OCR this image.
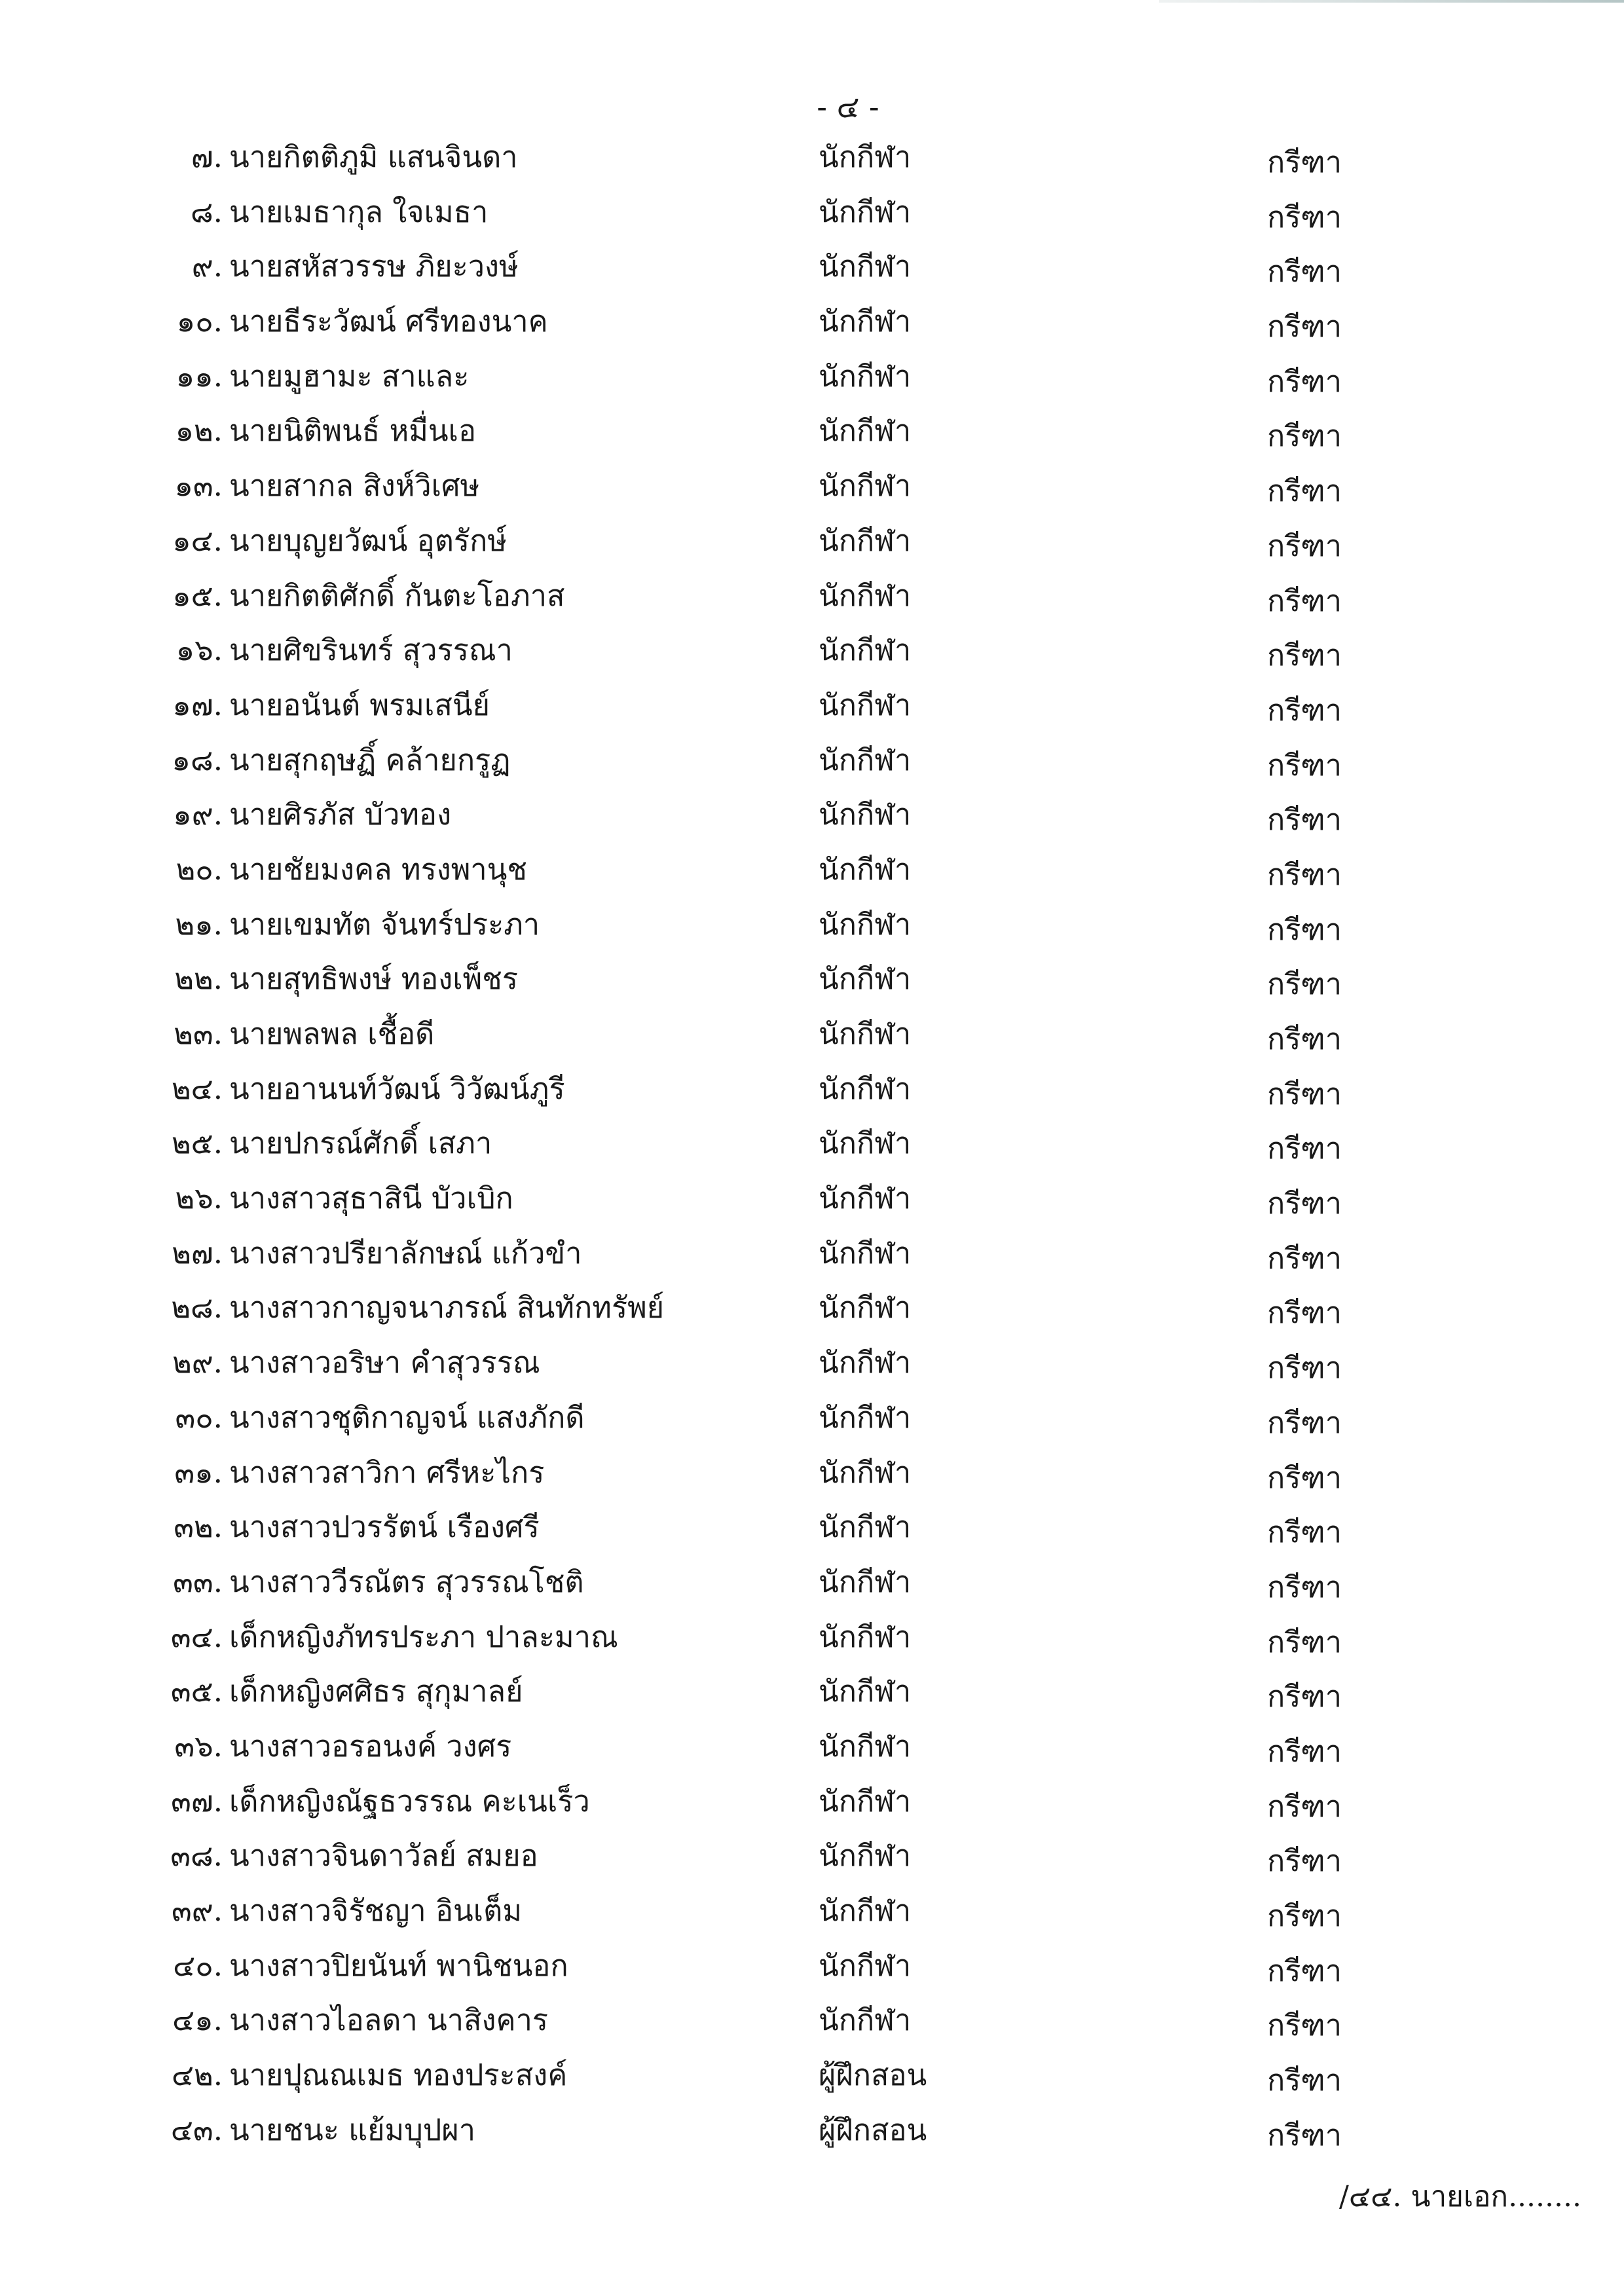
- ๔ -
๗. นายกิตติภูมิ แสนจินดา	นักกีฬา	กรีฑา
๘. นายเมธากุล ใจเมธา	นักกีฬา	กรีฑา
๙. นายสหัสวรรษ ภิยะวงษ์	นักกีฬา	กรีฑา
๑๐. นายธีระวัฒน์ ศรีทองนาค	นักกีฬา	กรีฑา
๑๑. นายมูฮามะ สาและ	นักกีฬา	กรีฑา
๑๒. นายนิติพนธ์ หมื่นเอ	นักกีฬา	กรีฑา
๑๓. นายสากล สิงห์วิเศษ	นักกีฬา	กรีฑา
๑๔. นายบุญยวัฒน์ อุตรักษ์	นักกีฬา	กรีฑา
๑๕. นายกิตติศักดิ์ กันตะโอภาส	นักกีฬา	กรีฑา
๑๖. นายศิขรินทร์ สุวรรณา	นักกีฬา	กรีฑา
๑๗. นายอนันต์ พรมเสนีย์	นักกีฬา	กรีฑา
๑๘. นายสุกฤษฏิ์ คล้ายกรูฏ	นักกีฬา	กรีฑา
๑๙. นายศิรภัส บัวทอง	นักกีฬา	กรีฑา
๒๐. นายชัยมงคล ทรงพานุช	นักกีฬา	กรีฑา
๒๑. นายเขมทัต จันทร์ประภา	นักกีฬา	กรีฑา
๒๒. นายสุทธิพงษ์ ทองเพ็ชร	นักกีฬา	กรีฑา
๒๓. นายพลพล เชื้อดี	นักกีฬา	กรีฑา
๒๔. นายอานนท์วัฒน์ วิวัฒน์ภูรี	นักกีฬา	กรีฑา
๒๕. นายปกรณ์ศักดิ์ เสภา	นักกีฬา	กรีฑา
๒๖. นางสาวสุธาสินี บัวเบิก	นักกีฬา	กรีฑา
๒๗. นางสาวปรียาลักษณ์ แก้วขำ	นักกีฬา	กรีฑา
๒๘. นางสาวกาญจนาภรณ์ สินทักทรัพย์	นักกีฬา	กรีฑา
๒๙. นางสาวอริษา คำสุวรรณ	นักกีฬา	กรีฑา
๓๐. นางสาวชุติกาญจน์ แสงภักดี	นักกีฬา	กรีฑา
๓๑. นางสาวสาวิกา ศรีหะไกร	นักกีฬา	กรีฑา
๓๒. นางสาวปวรรัตน์ เรืองศรี	นักกีฬา	กรีฑา
๓๓. นางสาววีรณัตร สุวรรณโชติ	นักกีฬา	กรีฑา
๓๔. เด็กหญิงภัทรประภา ปาละมาณ	นักกีฬา	กรีฑา
๓๕. เด็กหญิงศศิธร สุกุมาลย์	นักกีฬา	กรีฑา
๓๖. นางสาวอรอนงค์ วงศร	นักกีฬา	กรีฑา
๓๗. เด็กหญิงณัฐธวรรณ คะเนเร็ว	นักกีฬา	กรีฑา
๓๘. นางสาวจินดาวัลย์ สมยอ	นักกีฬา	กรีฑา
๓๙. นางสาวจิรัชญา อินเต็ม	นักกีฬา	กรีฑา
๔๐. นางสาวปิยนันท์ พานิชนอก	นักกีฬา	กรีฑา
๔๑. นางสาวไอลดา นาสิงคาร	นักกีฬา	กรีฑา
๔๒. นายปุณณเมธ ทองประสงค์	ผู้ฝึกสอน	กรีฑา
๔๓. นายชนะ แย้มบุปผา	ผู้ฝึกสอน	กรีฑา
/๔๔. นายเอก........
